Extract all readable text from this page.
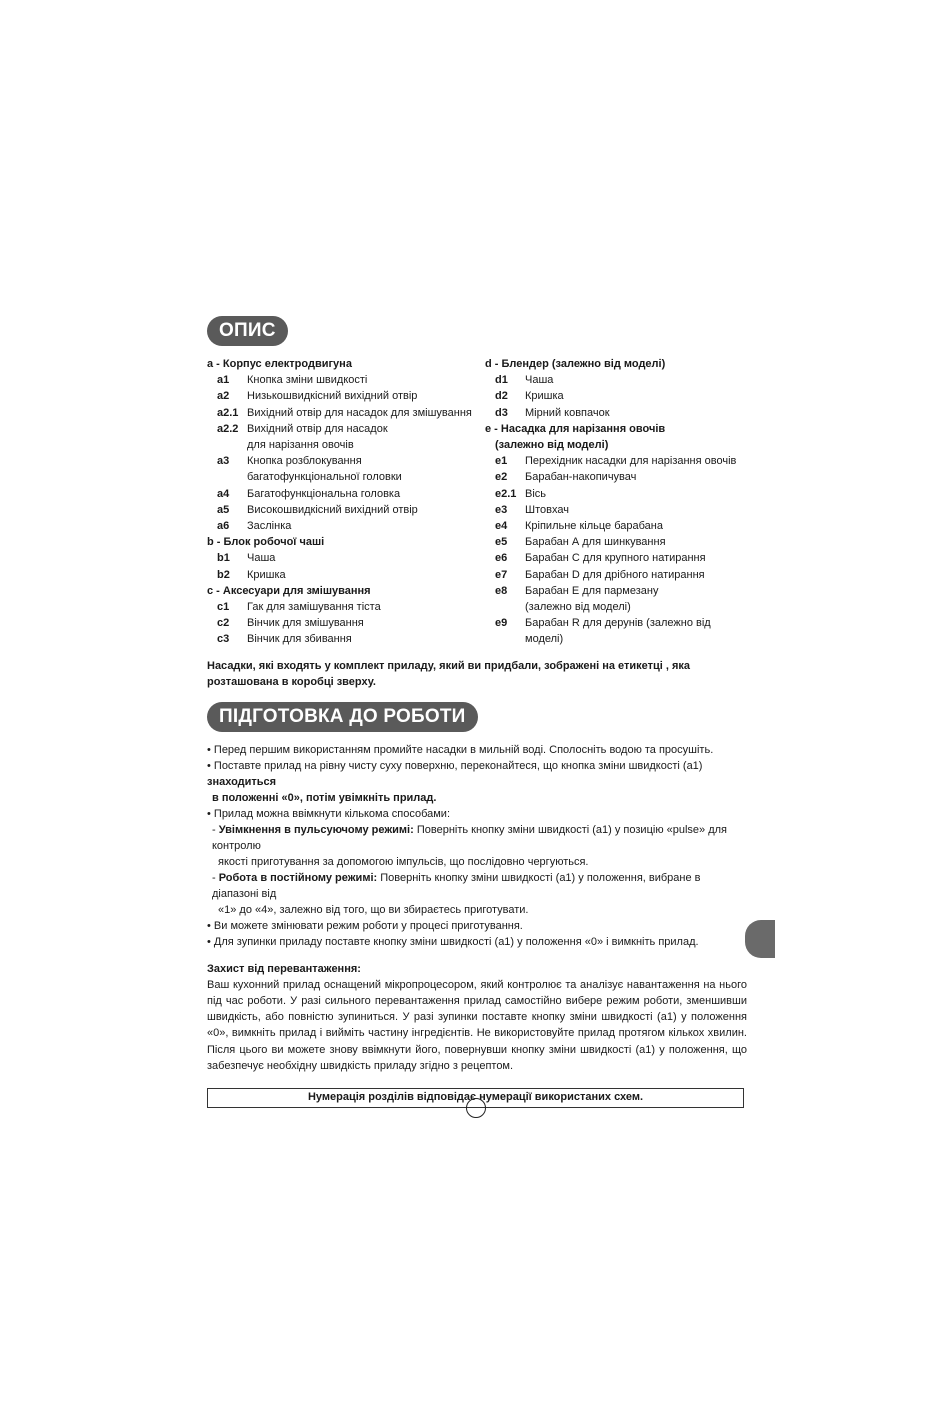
ОПИС
a - Корпус електродвигуна
a1	Кнопка зміни швидкості
a2	Низькошвидкісний вихідний отвір
a2.1 Вихідний отвір для насадок для змішування
a2.2 Вихідний отвір для насадок
для нарізання овочів
a3	Кнопка розблокування
багатофункціональної головки
a4	Багатофункціональна головка
a5	Високошвидкісний вихідний отвір
a6	Заслінка
b - Блок робочої чаші
b1	Чаша
b2	Кришка
c - Аксесуари для змішування
c1	Гак для замішування тіста
c2	Вінчик для змішування
c3	Вінчик для збивання
d - Блендер (залежно від моделі)
d1	Чаша
d2	Кришка
d3	Мірний ковпачок
e - Насадка для нарізання овочів
(залежно від моделі)
e1	Перехідник насадки для нарізання овочів
e2	Барабан-накопичувач
e2.1 Вісь
e3	Штовхач
e4	Кріпильне кільце барабана
e5	Барабан А для шинкування
e6	Барабан С для крупного натирання
e7	Барабан D для дрібного натирання
e8	Барабан Е для пармезану
(залежно від моделі)
e9	Барабан R для дерунів (залежно від моделі)
Насадки, які входять у комплект приладу, який ви придбали, зображені на етикетці , яка розташована в коробці зверху.
ПІДГОТОВКА ДО РОБОТИ

• Перед першим використанням промийте насадки в мильній воді. Сполосніть водою та просушіть.

• Поставте прилад на рівну чисту суху поверхню, переконайтеся, що кнопка зміни швидкості (a1) знаходиться

в положенні «0», потім увімкніть прилад.

• Прилад можна ввімкнути кількома способами:

- Увімкнення в пульсуючому режимі: Поверніть кнопку зміни швидкості (a1) у позицію «pulse» для контролю

якості приготування за допомогою імпульсів, що послідовно чергуються.

- Робота в постійному режимі: Поверніть кнопку зміни швидкості (a1) у положення, вибране в діапазоні від

«1» до «4», залежно від того, що ви збираєтесь приготувати.

• Ви можете змінювати режим роботи у процесі приготування.

• Для зупинки приладу поставте кнопку зміни швидкості (a1) у положення «0» і вимкніть прилад.

Захист від перевантаження:

Ваш кухонний прилад оснащений мікропроцесором, який контролює та аналізує навантаження на нього під час роботи. У разі сильного перевантаження прилад самостійно вибере режим роботи, зменшивши швидкість, або повністю зупиниться. У разі зупинки поставте кнопку зміни швидкості (a1) у положення «0», вимкніть прилад і вийміть частину інгредієнтів. Не використовуйте прилад протягом кількох хвилин. Після цього ви можете знову ввімкнути його, повернувши кнопку зміни швидкості (a1) у положення, що забезпечує необхідну швидкість приладу згідно з рецептом.

Нумерація розділів відповідає нумерації використаних схем.
